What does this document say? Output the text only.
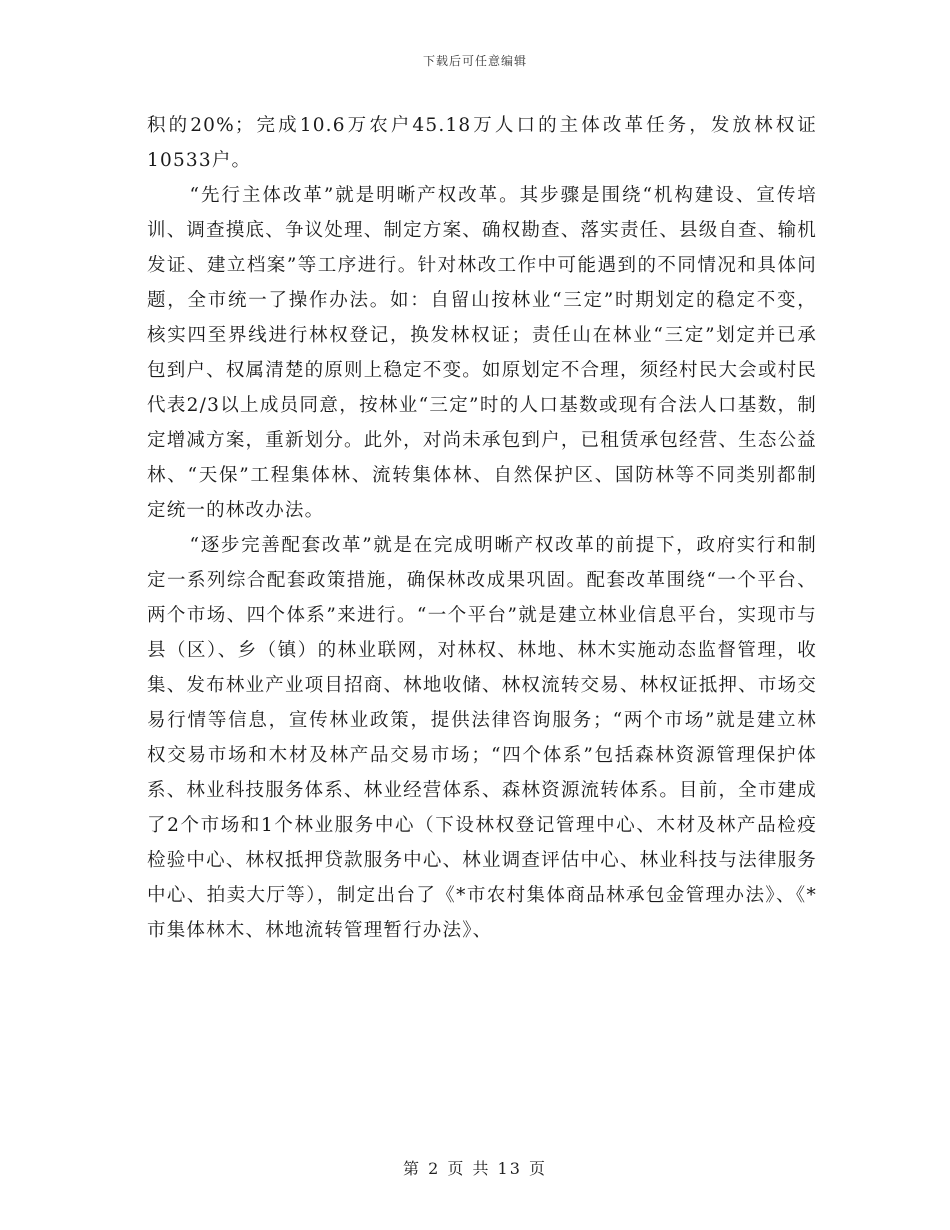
下载后可任意编辑

积的20%；完成10.6万农户45.18万人口的主体改革任务，发放林权证10533户。

“先行主体改革”就是明晰产权改革。其步骤是围绕“机构建设、宣传培训、调查摸底、争议处理、制定方案、确权勘查、落实责任、县级自查、输机发证、建立档案”等工序进行。针对林改工作中可能遇到的不同情况和具体问题，全市统一了操作办法。如：自留山按林业“三定”时期划定的稳定不变，核实四至界线进行林权登记，换发林权证；责任山在林业“三定”划定并已承包到户、权属清楚的原则上稳定不变。如原划定不合理，须经村民大会或村民代表2/3以上成员同意，按林业“三定”时的人口基数或现有合法人口基数，制定增减方案，重新划分。此外，对尚未承包到户，已租赁承包经营、生态公益林、“天保”工程集体林、流转集体林、自然保护区、国防林等不同类别都制定统一的林改办法。

“逐步完善配套改革”就是在完成明晰产权改革的前提下，政府实行和制定一系列综合配套政策措施，确保林改成果巩固。配套改革围绕“一个平台、两个市场、四个体系”来进行。“一个平台”就是建立林业信息平台，实现市与县（区）、乡（镇）的林业联网，对林权、林地、林木实施动态监督管理，收集、发布林业产业项目招商、林地收储、林权流转交易、林权证抵押、市场交易行情等信息，宣传林业政策，提供法律咨询服务；“两个市场”就是建立林权交易市场和木材及林产品交易市场；“四个体系”包括森林资源管理保护体系、林业科技服务体系、林业经营体系、森林资源流转体系。目前，全市建成了2个市场和1个林业服务中心（下设林权登记管理中心、木材及林产品检疫检验中心、林权抵押贷款服务中心、林业调查评估中心、林业科技与法律服务中心、拍卖大厅等），制定出台了《*市农村集体商品林承包金管理办法》、《*市集体林木、林地流转管理暂行办法》、

第 2 页 共 13 页
